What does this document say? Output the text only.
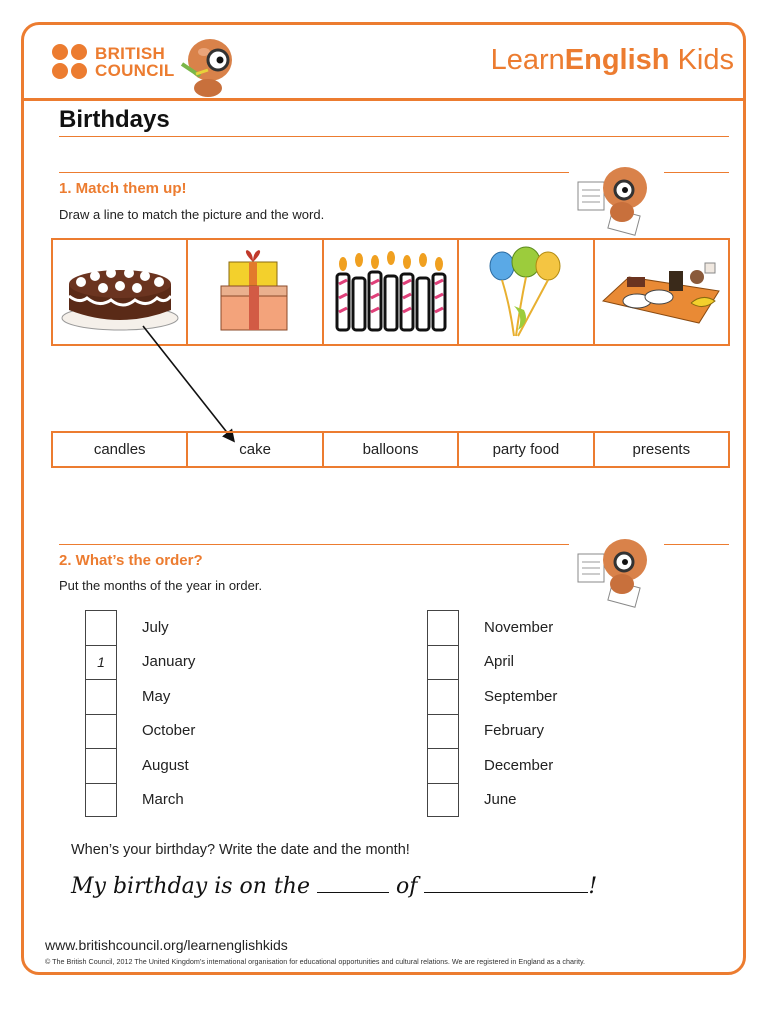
BRITISH
COUNCIL	LearnEnglish Kids
Birthdays
1. Match them up!
Draw a line to match the picture and the word.
candles	cake	balloons	party food	presents
2. What’s the order?
Put the months of the year in order.
July
1	January
May
October
August
March
November
April
September
February
December
June
When’s your birthday? Write the date and the month!
My birthday is on the	of	!
www.britishcouncil.org/learnenglishkids
© The British Council, 2012 The United Kingdom’s international organisation for educational opportunities and cultural relations. We are registered in England as a charity.
